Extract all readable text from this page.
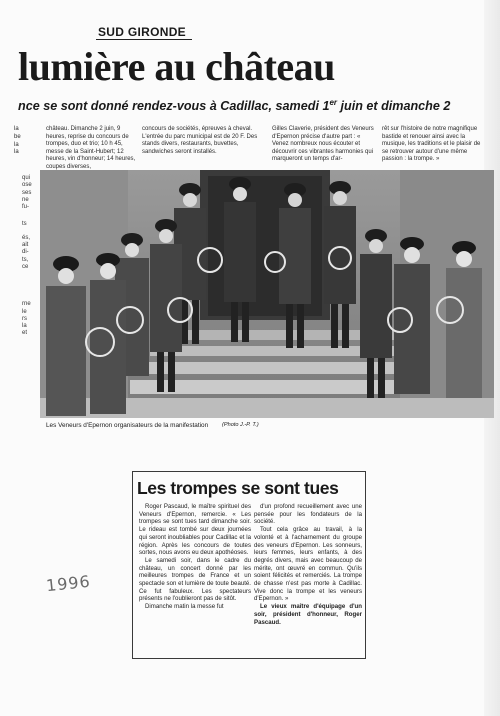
SUD GIRONDE
lumière au château
nce se sont donné rendez-vous à Cadillac, samedi 1er juin et dimanche 2
la
be
la
la
château. Dimanche 2 juin, 9 heures, reprise du concours de trompes, duo et trio; 10 h 45, messe de la Saint-Hubert; 12 heures, vin d'honneur; 14 heures, coupes diverses,
concours de sociétés, épreuves à cheval. L'entrée du parc municipal est de 20 F. Des stands divers, restaurants, buvettes, sandwiches seront installés.
Gilles Claverie, président des Veneurs d'Epernon précise d'autre part : « Venez nombreux nous écouter et découvrir ces vibrantes harmonies qui marqueront un temps d'ar-
rêt sur l'histoire de notre magnifique bastide et renouer ainsi avec la musique, les traditions et le plaisir de se retrouver autour d'une même passion : la trompe. »
qui
ose
ses
ne
fu-
ts
és,
ait
di-
ts,
ce
rne
le
rs
la
et
Les Veneurs d'Epernon organisateurs de la manifestation (Photo J.-P. T.)
Les trompes se sont tues

Roger Pascaud, le maître spirituel des Veneurs d'Epernon, remercie. « Les trompes se sont tues tard dimanche soir. Le rideau est tombé sur deux journées qui seront inoubliables pour Cadillac et la région. Après les concours de toutes sortes, nous avons eu deux apothéoses.

Le samedi soir, dans le cadre du château, un concert donné par les meilleures trompes de France et un spectacle son et lumière de toute beauté. Ce fut fabuleux. Les spectateurs présents ne l'oublieront pas de sitôt.

Dimanche matin la messe fut

d'un profond recueillement avec une pensée pour les fondateurs de la société.

Tout cela grâce au travail, à la volonté et à l'acharnement du groupe des veneurs d'Epernon. Les sonneurs, leurs femmes, leurs enfants, à des degrés divers, mais avec beaucoup de mérite, ont œuvré en commun. Qu'ils soient félicités et remerciés. La trompe de chasse n'est pas morte à Cadillac. Vive donc la trompe et les veneurs d'Epernon. »

Le vieux maître d'équipage d'un soir, président d'honneur, Roger Pascaud.

1996
